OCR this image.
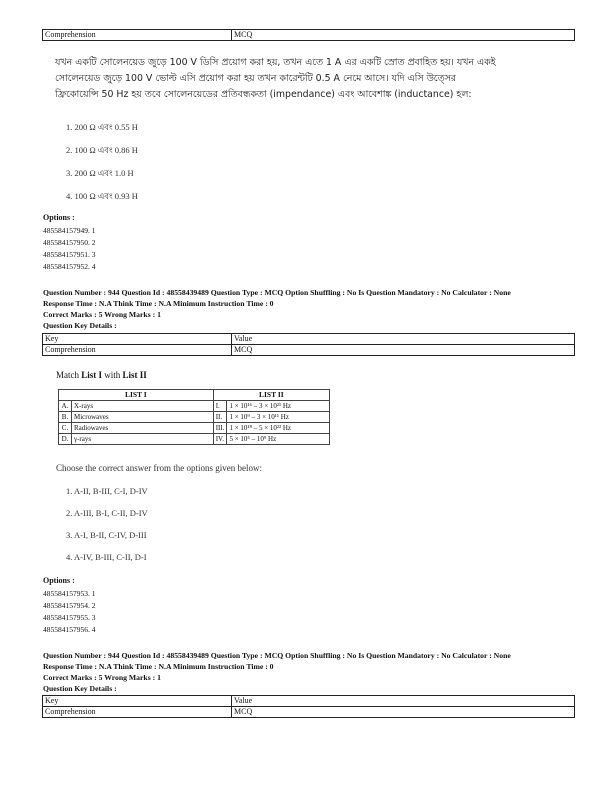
Comprehension	MCQ
যখন একটি সোলেনয়েড জুড়ে 100 V ডিসি প্রয়োগ করা হয়, তখন এতে 1 A এর একটি স্রোত প্রবাহিত হয়। যখন একই সোলেনয়েড জুড়ে 100 V ভোল্ট এসি প্রয়োগ করা হয় তখন কারেন্টটি 0.5 A নেমে আসে। যদি এসি উত্সের ফ্রিকোয়েন্সি 50 Hz হয় তবে সোলেনয়েডের প্রতিবন্ধকতা (impendance) এবং আবেশাঙ্ক (inductance) হল:
1. 200 Ω এবং 0.55 H
2. 100 Ω এবং 0.86 H
3. 200 Ω এবং 1.0 H
4. 100 Ω এবং 0.93 H
Options :
485584157949. 1
485584157950. 2
485584157951. 3
485584157952. 4
Question Number : 944 Question Id : 48558439489 Question Type : MCQ Option Shuffling : No Is Question Mandatory : No Calculator : None
Response Time : N.A Think Time : N.A Minimum Instruction Time : 0
Correct Marks : 5 Wrong Marks : 1
Question Key Details :
Key	Value
Comprehension	MCQ
Match List I with List II
LIST I		LIST II	
A.	X-rays	I.	1 × 10¹⁶ – 3 × 10²¹ Hz
B.	Microwaves	II.	1 × 10⁹ – 3 × 10¹¹ Hz
C.	Radiowaves	III.	1 × 10¹⁸ – 5 × 10²² Hz
D.	γ-rays	IV.	5 × 10⁵ – 10⁹ Hz
Choose the correct answer from the options given below:
1. A-II, B-III, C-I, D-IV
2. A-III, B-I, C-II, D-IV
3. A-I, B-II, C-IV, D-III
4. A-IV, B-III, C-II, D-I
Options :
485584157953. 1
485584157954. 2
485584157955. 3
485584157956. 4
Question Number : 944 Question Id : 48558439489 Question Type : MCQ Option Shuffling : No Is Question Mandatory : No Calculator : None
Response Time : N.A Think Time : N.A Minimum Instruction Time : 0
Correct Marks : 5 Wrong Marks : 1
Question Key Details :
Key	Value
Comprehension	MCQ
